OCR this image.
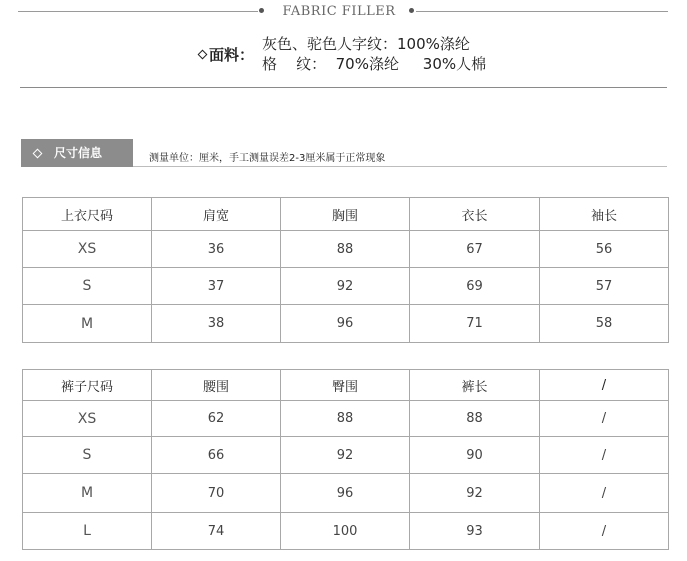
FABRIC FILLER
面料：
灰色、驼色人字纹：100%涤纶
格    纹：  70%涤纶     30%人棉
尺寸信息	测量单位：厘米，手工测量误差2-3厘米属于正常现象
上衣尺码	肩宽	胸围	衣长	袖长
XS	36	88	67	56
S	37	92	69	57
M	38	96	71	58
裤子尺码	腰围	臀围	裤长	/
XS	62	88	88	/
S	66	92	90	/
M	70	96	92	/
L	74	100	93	/
